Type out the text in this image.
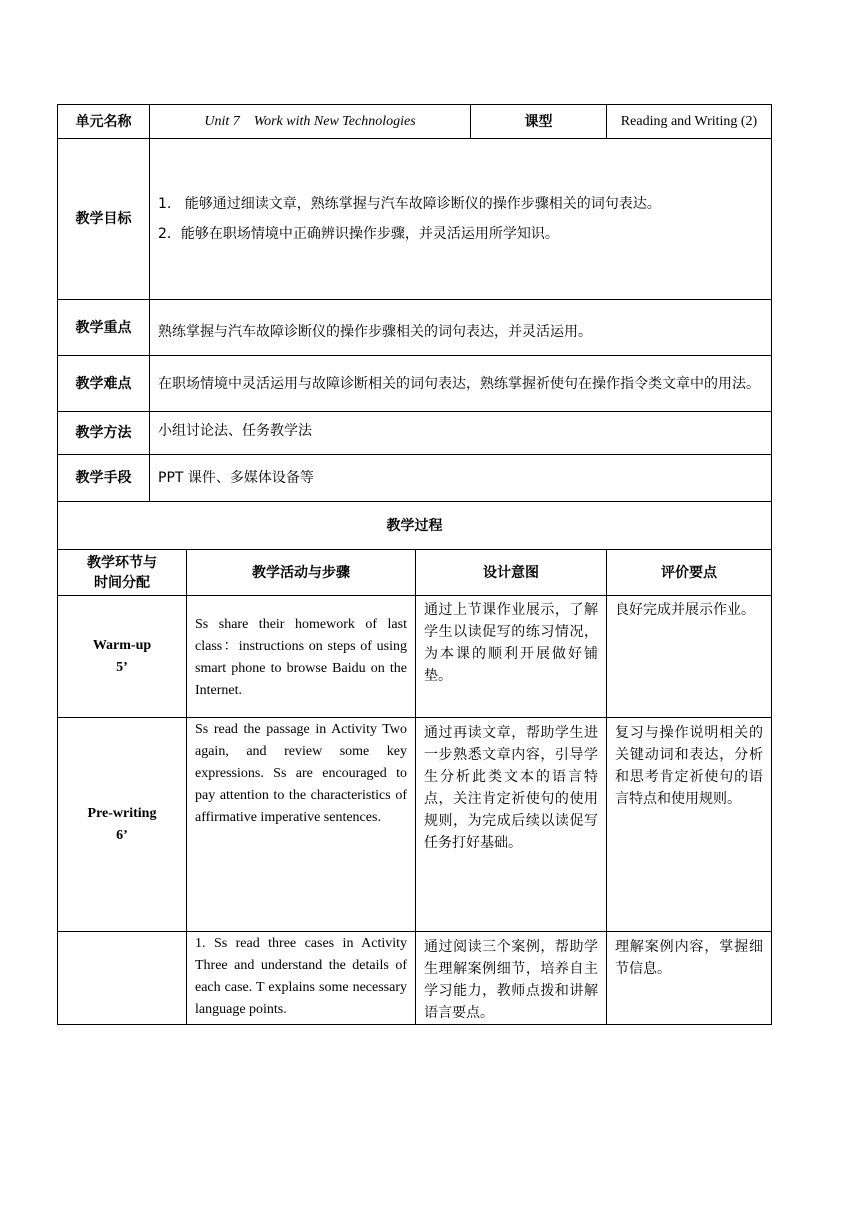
单元名称	Unit 7    Work with New Technologies			课型	Reading and Writing (2)
教学目标	1.   能够通过细读文章，熟练掌握与汽车故障诊断仪的操作步骤相关的词句表达。
2．能够在职场情境中正确辨识操作步骤，并灵活运用所学知识。				

教学重点	熟练掌握与汽车故障诊断仪的操作步骤相关的词句表达，并灵活运用。				
教学难点	在职场情境中灵活运用与故障诊断相关的词句表达，熟练掌握祈使句在操作指令类文章中的用法。				
教学方法	小组讨论法、任务教学法				
教学手段	PPT 课件、多媒体设备等				
教学过程					

教学环节与
时间分配		教学活动与步骤	设计意图		评价要点

Warm-up
5’		Ss share their homework of last class：instructions on steps of using smart phone to browse Baidu on the Internet.	通过上节课作业展示，了解学生以读促写的练习情况，为本课的顺利开展做好铺垫。		良好完成并展示作业。

Pre-writing
6’		Ss read the passage in Activity Two again, and review some key expressions. Ss are encouraged to pay attention to the characteristics of affirmative imperative sentences.	通过再读文章，帮助学生进一步熟悉文章内容，引导学生分析此类文本的语言特点，关注肯定祈使句的使用规则，为完成后续以读促写任务打好基础。		复习与操作说明相关的关键动词和表达，分析和思考肯定祈使句的语言特点和使用规则。

		1. Ss read three cases in Activity Three and understand the details of each case. T explains some necessary language points.	通过阅读三个案例，帮助学生理解案例细节，培养自主学习能力，教师点拨和讲解语言要点。		理解案例内容，掌握细节信息。
